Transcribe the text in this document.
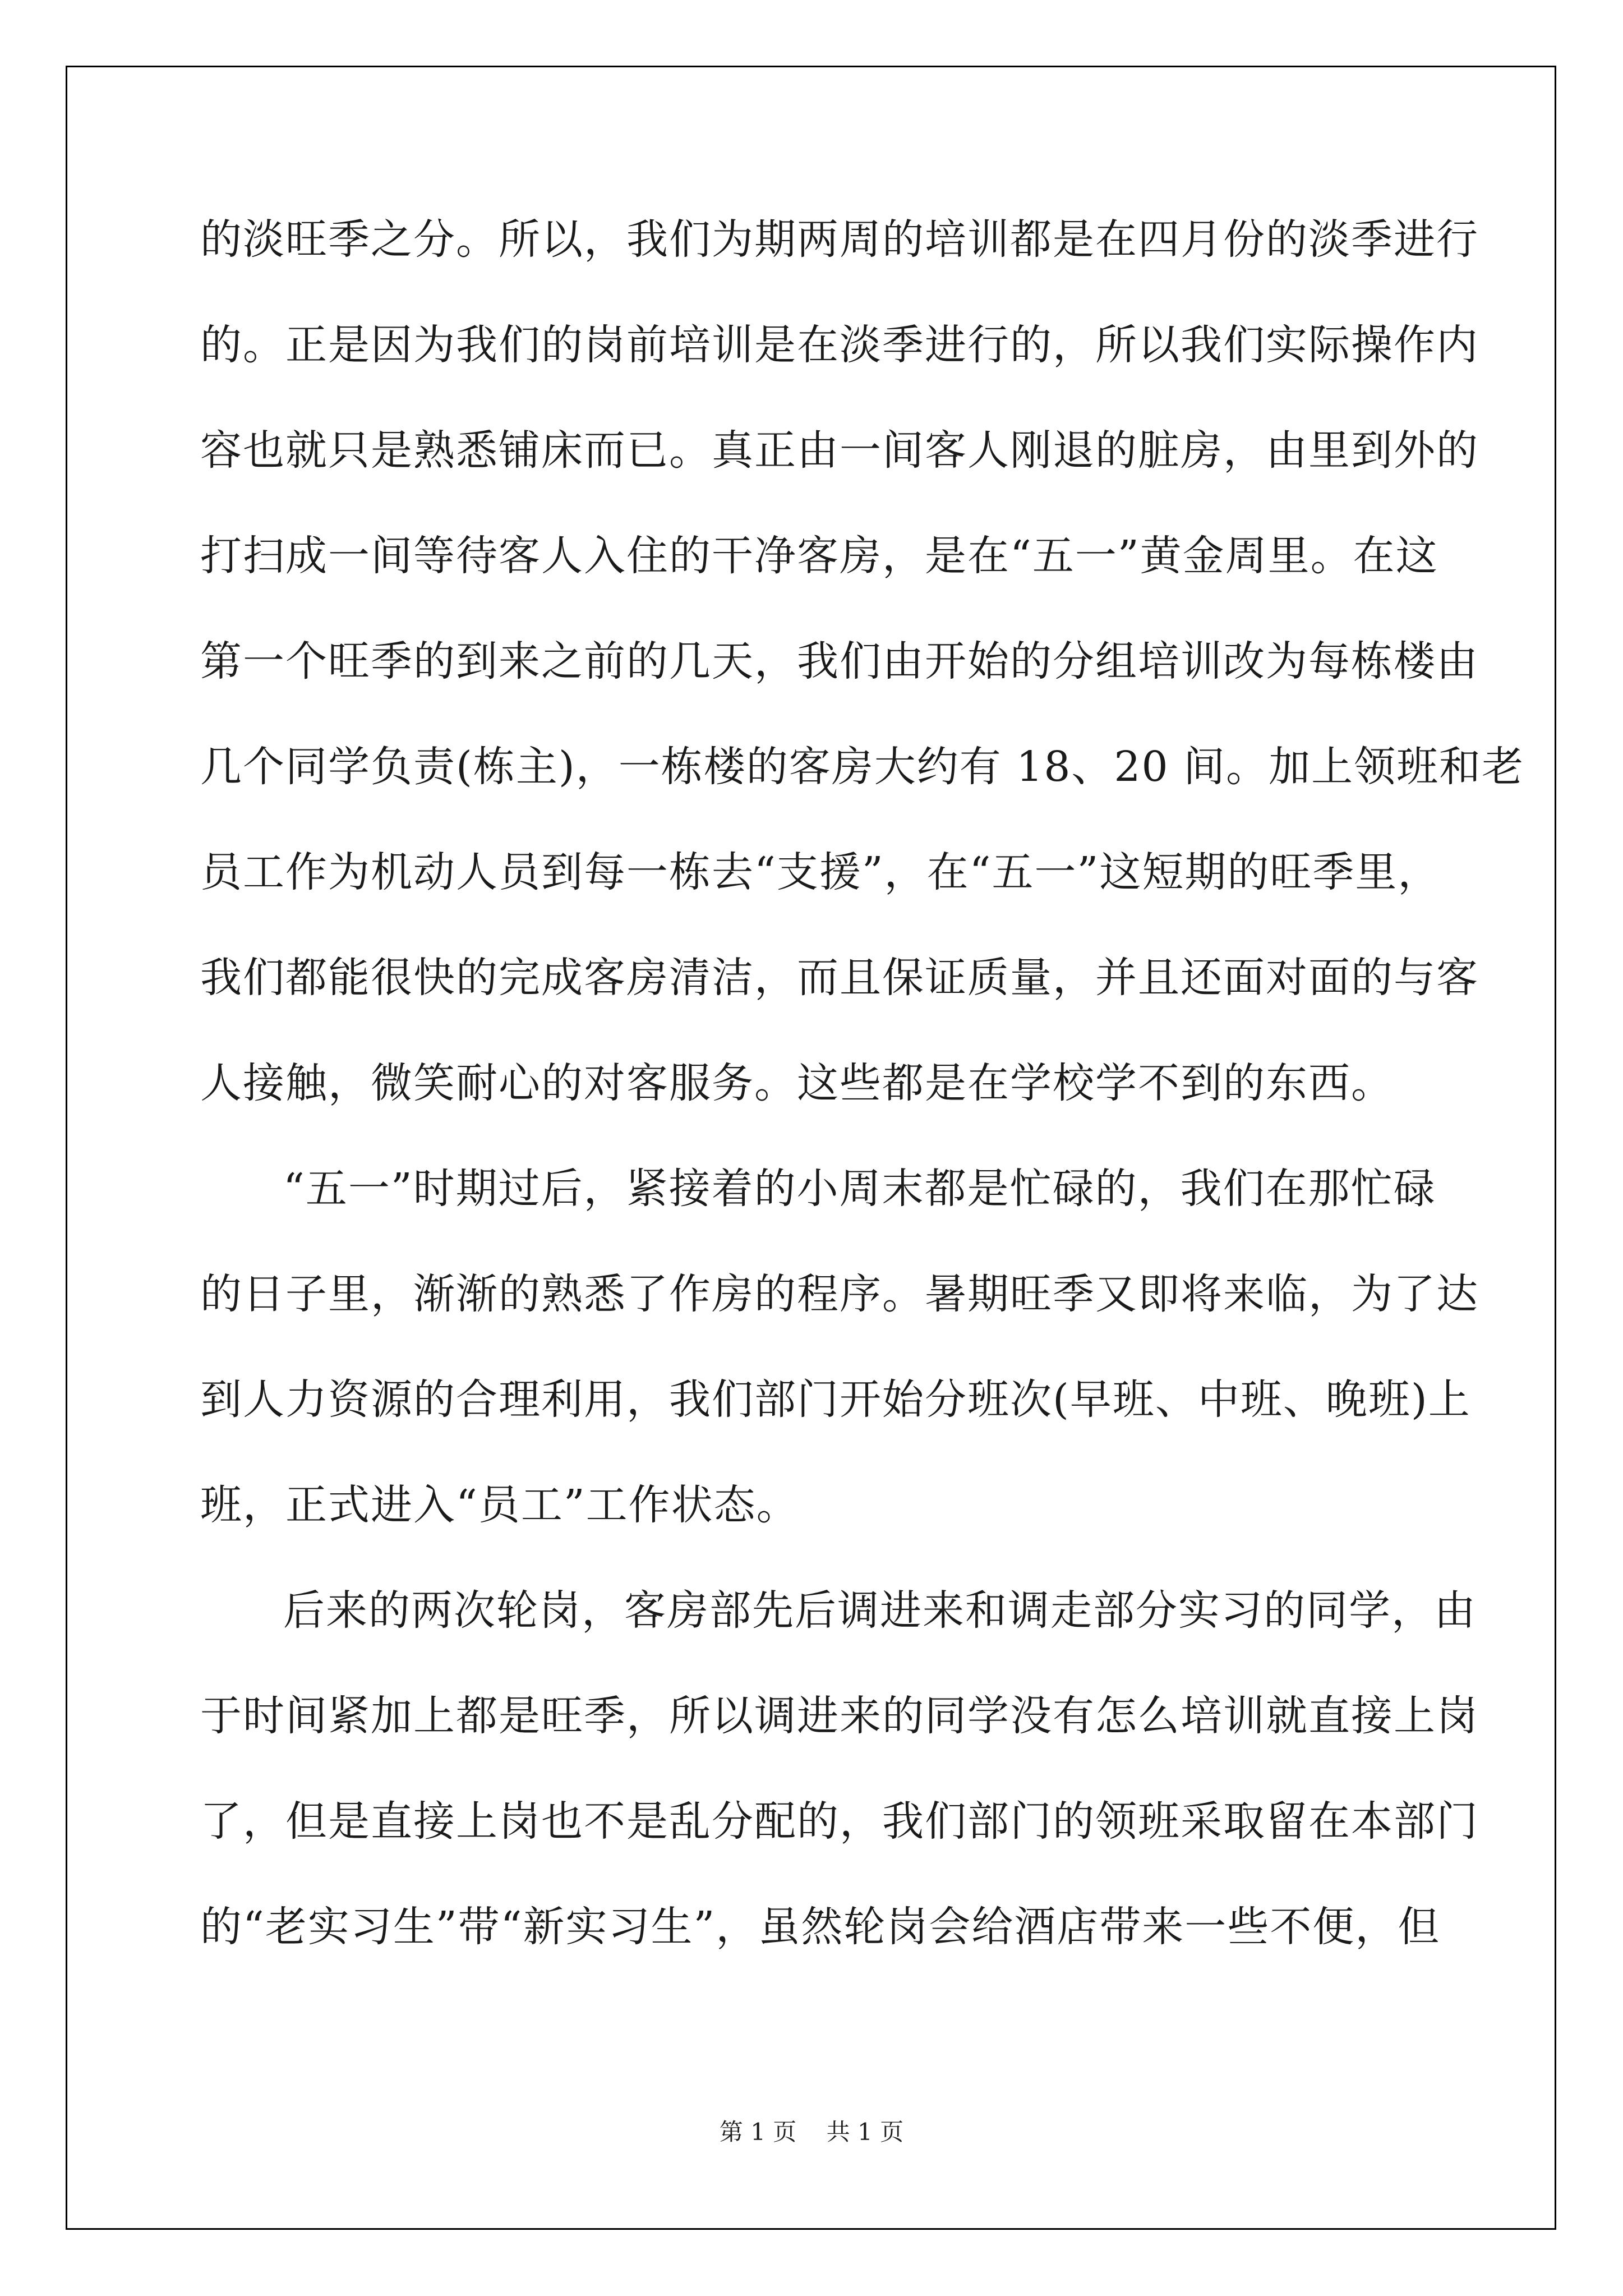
的淡旺季之分。所以，我们为期两周的培训都是在四月份的淡季进行
的。正是因为我们的岗前培训是在淡季进行的，所以我们实际操作内
容也就只是熟悉铺床而已。真正由一间客人刚退的脏房，由里到外的
打扫成一间等待客人入住的干净客房，是在“五一”黄金周里。在这
第一个旺季的到来之前的几天，我们由开始的分组培训改为每栋楼由
几个同学负责(栋主)，一栋楼的客房大约有 18、20 间。加上领班和老
员工作为机动人员到每一栋去“支援”，在“五一”这短期的旺季里，
我们都能很快的完成客房清洁，而且保证质量，并且还面对面的与客
人接触，微笑耐心的对客服务。这些都是在学校学不到的东西。
“五一”时期过后，紧接着的小周末都是忙碌的，我们在那忙碌
的日子里，渐渐的熟悉了作房的程序。暑期旺季又即将来临，为了达
到人力资源的合理利用，我们部门开始分班次(早班、中班、晚班)上
班，正式进入“员工”工作状态。
后来的两次轮岗，客房部先后调进来和调走部分实习的同学，由
于时间紧加上都是旺季，所以调进来的同学没有怎么培训就直接上岗
了，但是直接上岗也不是乱分配的，我们部门的领班采取留在本部门
的“老实习生”带“新实习生”，虽然轮岗会给酒店带来一些不便，但
第 1 页 共 1 页
